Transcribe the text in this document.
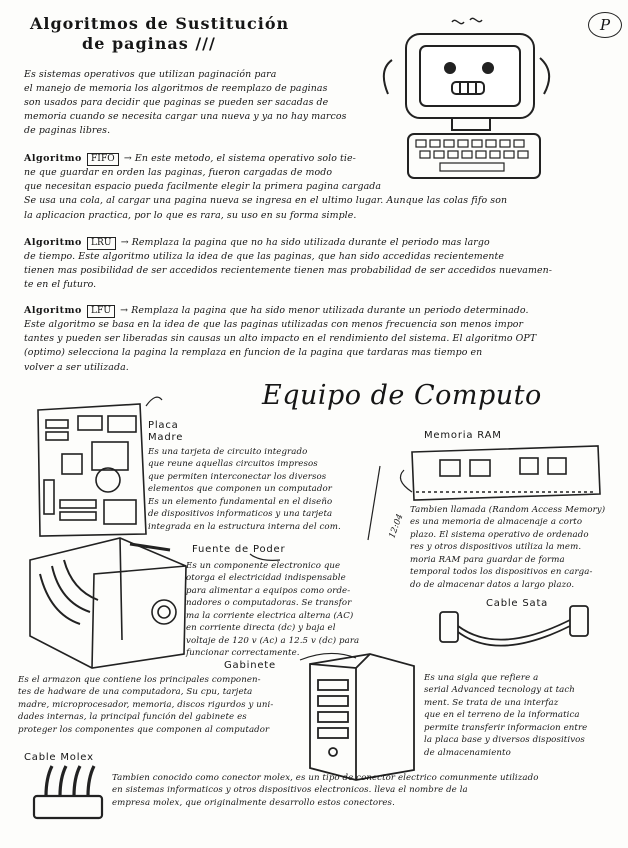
Algoritmos de Sustitución
de paginas ///
P

Es sistemas operativos que utilizan paginación para

el manejo de memoria los algoritmos de reemplazo de paginas

son usados para decidir que paginas se pueden ser sacadas de

memoria cuando se necesita cargar una nueva y ya no hay marcos

de paginas libres.

Algoritmo FIFO → En este metodo, el sistema operativo solo tie-

ne que guardar en orden las paginas, fueron cargadas de modo

que necesitan espacio pueda facilmente elegir la primera pagina cargada

Se usa una cola, al cargar una pagina nueva se ingresa en el ultimo lugar. Aunque las colas fifo son

la aplicacion practica, por lo que es rara, su uso en su forma simple.

Algoritmo LRU → Remplaza la pagina que no ha sido utilizada durante el periodo mas largo

de tiempo. Este algoritmo utiliza la idea de que las paginas, que han sido accedidas recientemente

tienen mas posibilidad de ser accedidos recientemente tienen mas probabilidad de ser accedidos nuevamen-

te en el futuro.

Algoritmo LFU → Remplaza la pagina que ha sido menor utilizada durante un periodo determinado.

Este algoritmo se basa en la idea de que las paginas utilizadas con menos frecuencia son menos impor

tantes y pueden ser liberadas sin causas un alto impacto en el rendimiento del sistema. El algoritmo OPT

(optimo) selecciona la pagina la remplaza en funcion de la pagina que tardaras mas tiempo en

volver a ser utilizada.

Equipo de Computo
Placa Madre

Es una tarjeta de circuito integrado

que reune aquellas circuitos impresos

que permiten interconectar los diversos

elementos que componen un computador

Es un elemento fundamental en el diseño

de dispositivos informaticos y una tarjeta

integrada en la estructura interna del com.

Memoria RAM

Tambien llamada (Random Access Memory)

es una memoria de almacenaje a corto

plazo. El sistema operativo de ordenado

res y otros dispositivos utiliza la mem.

moria RAM para guardar de forma

temporal todos los dispositivos en carga-

do de almacenar datos a largo plazo.

12:04
Fuente de Poder

Es un componente electronico que

otorga el electricidad indispensable

para alimentar a equipos como orde-

nadores o computadoras. Se transfor

ma la corriente electrica alterna (AC)

en corriente directa (dc) y baja el

voltaje de 120 v (Ac) a 12.5 v (dc) para

funcionar correctamente.

Cable Sata

Es una sigla que refiere a

serial Advanced tecnology at tach

ment. Se trata de una interfaz

que en el terreno de la informatica

permite transferir informacion entre

la placa base y diversos dispositivos

de almacenamiento

Gabinete

Es el armazon que contiene los principales componen-

tes de hadware de una computadora, Su cpu, tarjeta

madre, microprocesador, memoria, discos rigurdos y uni-

dades internas, la principal función del gabinete es

proteger los componentes que componen al computador

Cable Molex

Tambien conocido como conector molex, es un tipo de conector electrico comunmente utilizado

en sistemas informaticos y otros dispositivos electronicos. lleva el nombre de la

empresa molex, que originalmente desarrollo estos conectores.
